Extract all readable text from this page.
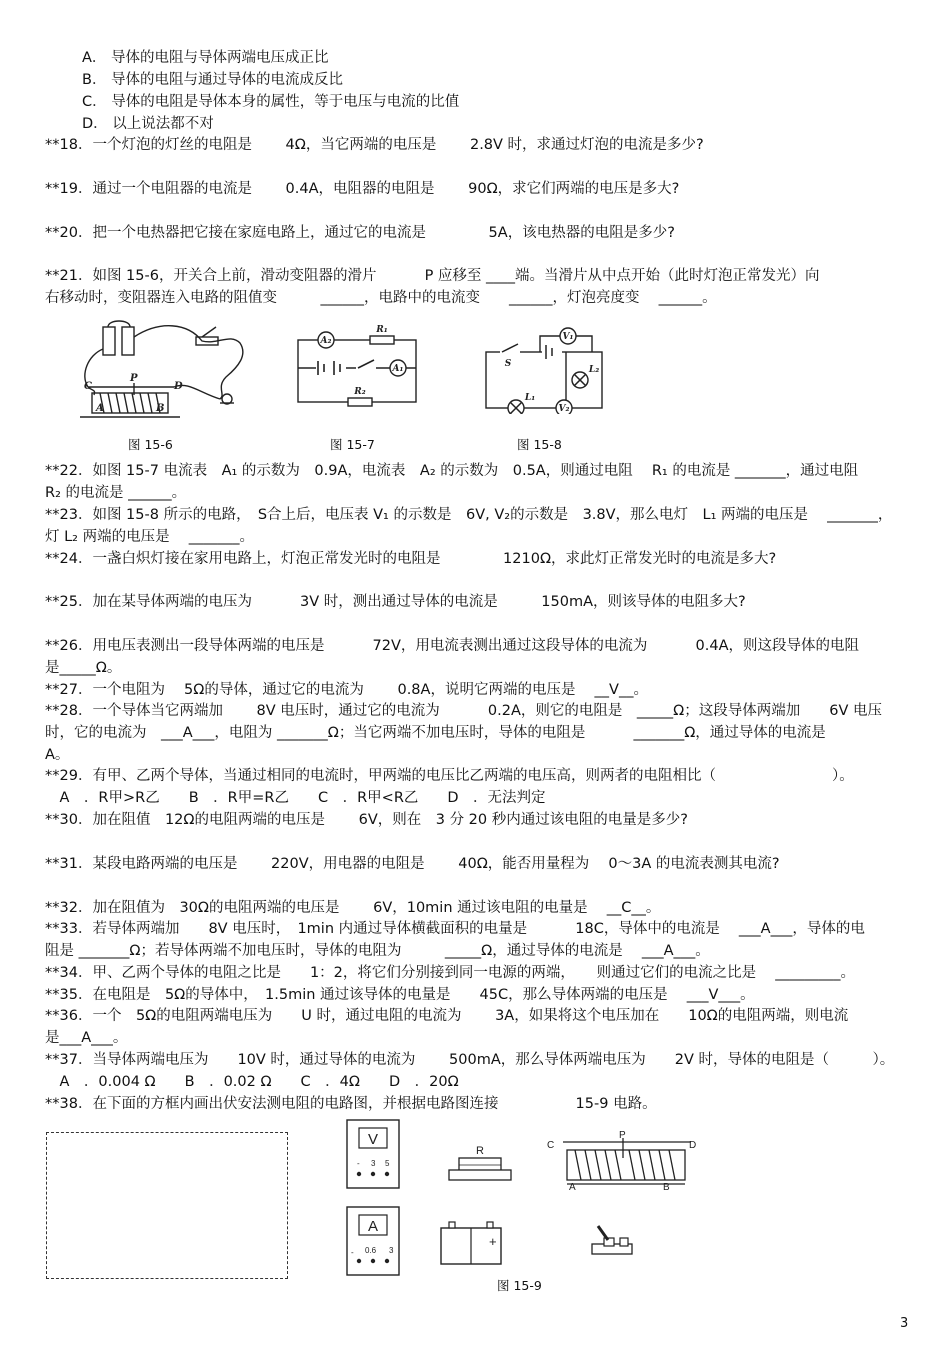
A． 导体的电阻与导体两端电压成正比
B． 导体的电阻与通过导体的电流成反比
C． 导体的电阻是导体本身的属性，等于电压与电流的比值
D． 以上说法都不对
**18．一个灯泡的灯丝的电阻是　　 4Ω，当它两端的电压是　　 2.8V 时，求通过灯泡的电流是多少?
**19．通过一个电阻器的电流是　　 0.4A，电阻器的电阻是　　 90Ω，求它们两端的电压是多大?
**20．把一个电热器把它接在家庭电路上，通过它的电流是　　　　 5A，该电热器的电阻是多少?
**21．如图 15-6，开关合上前，滑动变阻器的滑片　　　 P 应移至 ____端。当滑片从中点开始（此时灯泡正常发光）向
右移动时，变阻器连入电路的阻值变　　　______，电路中的电流变　　______，灯泡亮度变　 ______。
C
A
P
B
D
A₂
R₁
A₁
R₂
V₁
S
L₂
L₁
V₂
图 15-6	图 15-7	图 15-8
**22．如图 15-7 电流表　A₁ 的示数为　0.9A，电流表　A₂ 的示数为　0.5A，则通过电阻　 R₁ 的电流是 _______，通过电阻
R₂ 的电流是 ______。
**23．如图 15-8 所示的电路，　S合上后，电压表 V₁ 的示数是　6V, V₂的示数是　3.8V，那么电灯　L₁ 两端的电压是　 _______，
灯 L₂ 两端的电压是　 _______。
**24．一盏白炽灯接在家用电路上，灯泡正常发光时的电阻是　　　　 1210Ω，求此灯正常发光时的电流是多大?
**25．加在某导体两端的电压为　　　 3V 时，测出通过导体的电流是　　　150mA，则该导体的电阻多大?
**26．用电压表测出一段导体两端的电压是　　　 72V，用电流表测出通过这段导体的电流为　　　 0.4A，则这段导体的电阻
是_____Ω。
**27．一个电阻为　 5Ω的导体，通过它的电流为　　 0.8A，说明它两端的电压是　 __V__。
**28．一个导体当它两端加　　 8V 电压时，通过它的电流为　　　 0.2A，则它的电阻是　_____Ω；这段导体两端加　　6V 电压
时，它的电流为　___A___，电阻为 _______Ω；当它两端不加电压时，导体的电阻是　　　 _______Ω，通过导体的电流是
A。
**29．有甲、乙两个导体，当通过相同的电流时，甲两端的电压比乙两端的电压高，则两者的电阻相比（　　　　　　　　）。
　A　．R甲>R乙　　B　．R甲=R乙　　C　．R甲<R乙　　D　．无法判定
**30．加在阻值　12Ω的电阻两端的电压是　　 6V，则在　3 分 20 秒内通过该电阻的电量是多少?
**31．某段电路两端的电压是　　 220V，用电器的电阻是　　 40Ω，能否用量程为　 0～3A 的电流表测其电流?
**32．加在阻值为　30Ω的电阻两端的电压是　　 6V，10min 通过该电阻的电量是　 __C__。
**33．若导体两端加　　8V 电压时，　1min 内通过导体横截面积的电量是　　　 18C，导体中的电流是　 ___A___，导体的电
阻是 _______Ω；若导体两端不加电压时，导体的电阻为　　　_____Ω，通过导体的电流是　 ___A___。
**34．甲、乙两个导体的电阻之比是　　1：2，将它们分别接到同一电源的两端，　　则通过它们的电流之比是　 _________。
**35．在电阻是　5Ω的导体中，　1.5min 通过该导体的电量是　　45C，那么导体两端的电压是　 ___V___。
**36．一个　5Ω的电阻两端电压为　　U 时，通过电阻的电流为　　 3A，如果将这个电压加在　　10Ω的电阻两端，则电流
是___A___。
**37．当导体两端电压为　　10V 时，通过导体的电流为　　 500mA，那么导体两端电压为　　2V 时，导体的电阻是（　　　）。
　A　．0.004 Ω　　B　．0.02 Ω　　C　．4Ω　　D　．20Ω
**38．在下面的方框内画出伏安法测电阻的电路图，并根据电路图连接　　　　　 15-9 电路。
V
- 3 5
R	C
P
D
A	B
A
- 0.6 3
+
图 15-9
3
